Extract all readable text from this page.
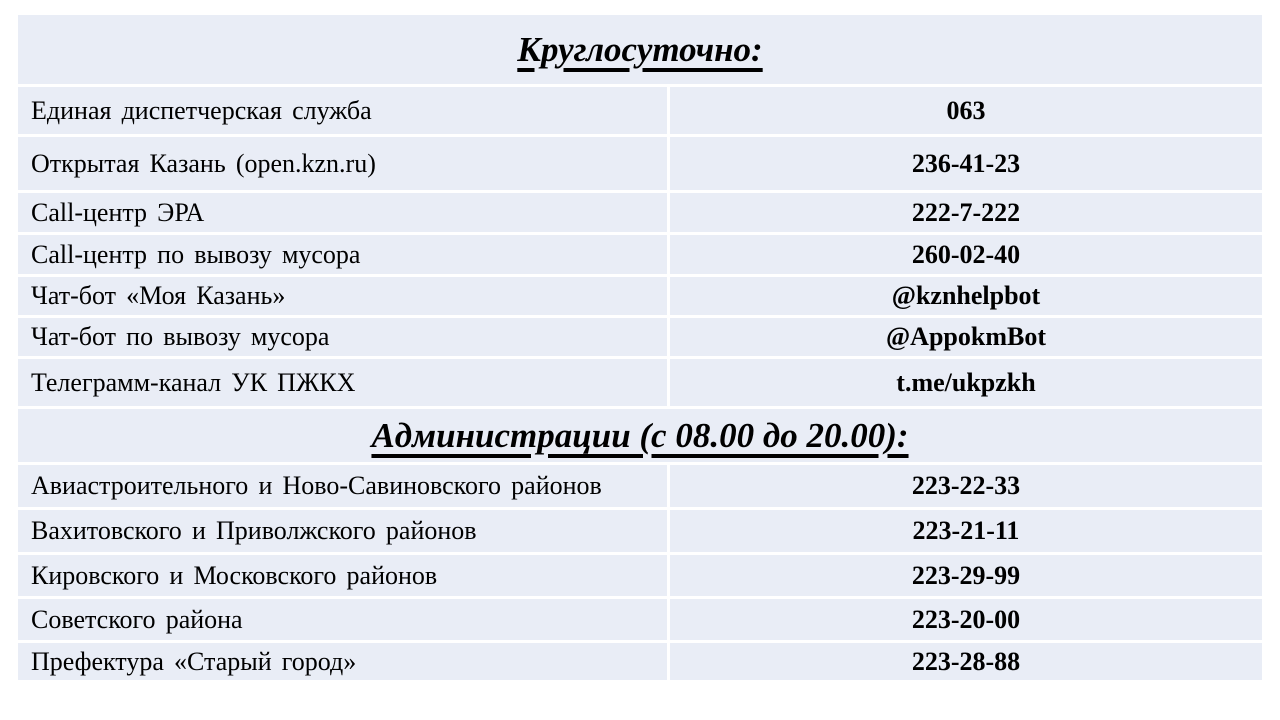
Круглосуточно:
Единая диспетчерская служба	063
Открытая Казань (open.kzn.ru)	236-41-23
Call-центр ЭРА	222-7-222
Call-центр по вывозу мусора	260-02-40
Чат-бот «Моя Казань»	@kznhelpbot
Чат-бот по вывозу мусора	@AppokmBot
Телеграмм-канал УК ПЖКХ	t.me/ukpzkh
Администрации (с 08.00 до 20.00):
Авиастроительного и Ново-Савиновского районов	223-22-33
Вахитовского и Приволжского районов	223-21-11
Кировского и Московского районов	223-29-99
Советского района	223-20-00
Префектура «Старый город»	223-28-88
